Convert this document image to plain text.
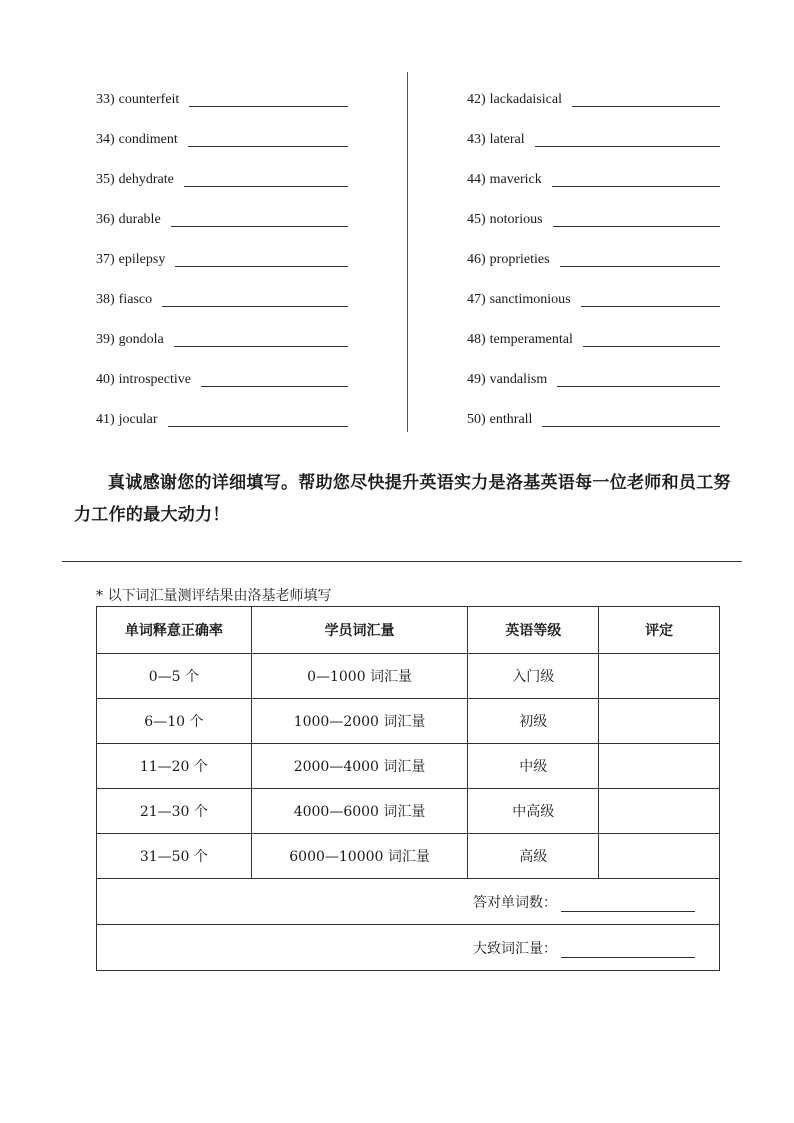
33) counterfeit
34) condiment
35) dehydrate
36) durable
37) epilepsy
38) fiasco
39) gondola
40) introspective
41) jocular
42) lackadaisical
43) lateral
44) maverick
45) notorious
46) proprieties
47) sanctimonious
48) temperamental
49) vandalism
50) enthrall

真诚感谢您的详细填写。帮助您尽快提升英语实力是洛基英语每一位老师和员工努力工作的最大动力！

* 以下词汇量测评结果由洛基老师填写
单词释意正确率	学员词汇量	英语等级	评定
0—5 个	0—1000 词汇量	入门级	
6—10 个	1000—2000 词汇量	初级	
11—20 个	2000—4000 词汇量	中级	
21—30 个	4000—6000 词汇量	中高级	
31—50 个	6000—10000 词汇量	高级	
答对单词数：			
大致词汇量：			
